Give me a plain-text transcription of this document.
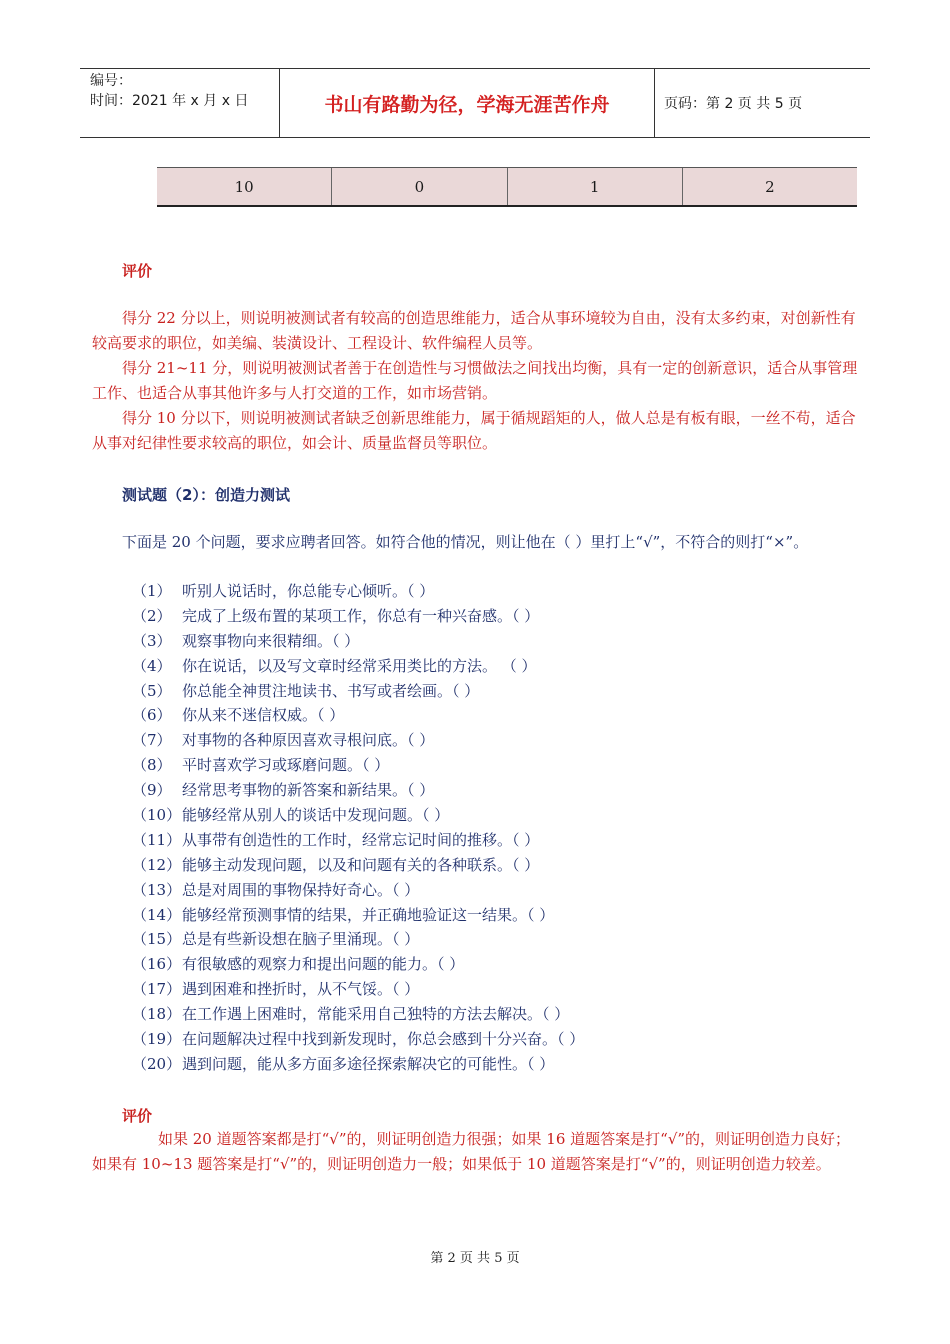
编号：
时间：2021 年 x 月 x 日	书山有路勤为径，学海无涯苦作舟	页码：第 2 页 共 5 页
10	0	1	2
评价

得分 22 分以上，则说明被测试者有较高的创造思维能力，适合从事环境较为自由，没有太多约束，对创新性有较高要求的职位，如美编、装潢设计、工程设计、软件编程人员等。

得分 21~11 分，则说明被测试者善于在创造性与习惯做法之间找出均衡，具有一定的创新意识，适合从事管理工作、也适合从事其他许多与人打交道的工作，如市场营销。

得分 10 分以下，则说明被测试者缺乏创新思维能力，属于循规蹈矩的人，做人总是有板有眼，一丝不苟，适合从事对纪律性要求较高的职位，如会计、质量监督员等职位。

测试题（2）：创造力测试

下面是 20 个问题，要求应聘者回答。如符合他的情况，则让他在（ ）里打上“√”，不符合的则打“×”。

（1） 听别人说话时，你总能专心倾听。（ ）
（2） 完成了上级布置的某项工作，你总有一种兴奋感。（ ）
（3） 观察事物向来很精细。（ ）
（4） 你在说话，以及写文章时经常采用类比的方法。 （ ）
（5） 你总能全神贯注地读书、书写或者绘画。（ ）
（6） 你从来不迷信权威。（ ）
（7） 对事物的各种原因喜欢寻根问底。（ ）
（8） 平时喜欢学习或琢磨问题。（ ）
（9） 经常思考事物的新答案和新结果。（ ）
（10） 能够经常从别人的谈话中发现问题。（ ）
（11） 从事带有创造性的工作时，经常忘记时间的推移。（ ）
（12） 能够主动发现问题，以及和问题有关的各种联系。（ ）
（13） 总是对周围的事物保持好奇心。（ ）
（14） 能够经常预测事情的结果，并正确地验证这一结果。（ ）
（15） 总是有些新设想在脑子里涌现。（ ）
（16） 有很敏感的观察力和提出问题的能力。（ ）
（17） 遇到困难和挫折时，从不气馁。（ ）
（18） 在工作遇上困难时，常能采用自己独特的方法去解决。（ ）
（19） 在问题解决过程中找到新发现时，你总会感到十分兴奋。（ ）
（20） 遇到问题，能从多方面多途径探索解决它的可能性。（ ）
评价

如果 20 道题答案都是打“√”的，则证明创造力很强；如果 16 道题答案是打“√”的，则证明创造力良好；如果有 10~13 题答案是打“√”的，则证明创造力一般；如果低于 10 道题答案是打“√”的，则证明创造力较差。

第 2 页 共 5 页
